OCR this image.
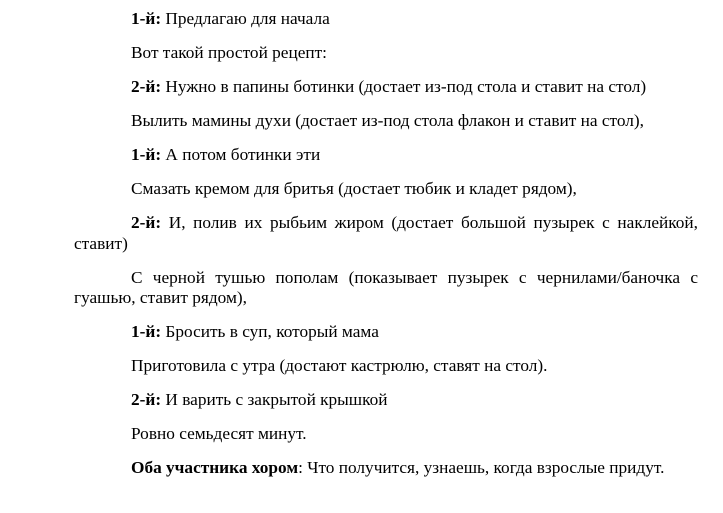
1-й: Предлагаю для начала

Вот такой простой рецепт:

2-й: Нужно в папины ботинки (достает из-под стола и ставит на стол)

Вылить мамины духи (достает из-под стола флакон и ставит на стол),

1-й: А потом ботинки эти

Смазать кремом для бритья (достает тюбик и кладет рядом),

2-й: И, полив их рыбьим жиром (достает большой пузырек с наклейкой, ставит)

С черной тушью пополам (показывает пузырек с чернилами/баночка с гуашью, ставит рядом),

1-й: Бросить в суп, который мама

Приготовила с утра (достают кастрюлю, ставят на стол).

2-й: И варить с закрытой крышкой

Ровно семьдесят минут.

Оба участника хором: Что получится, узнаешь, когда взрослые придут.
